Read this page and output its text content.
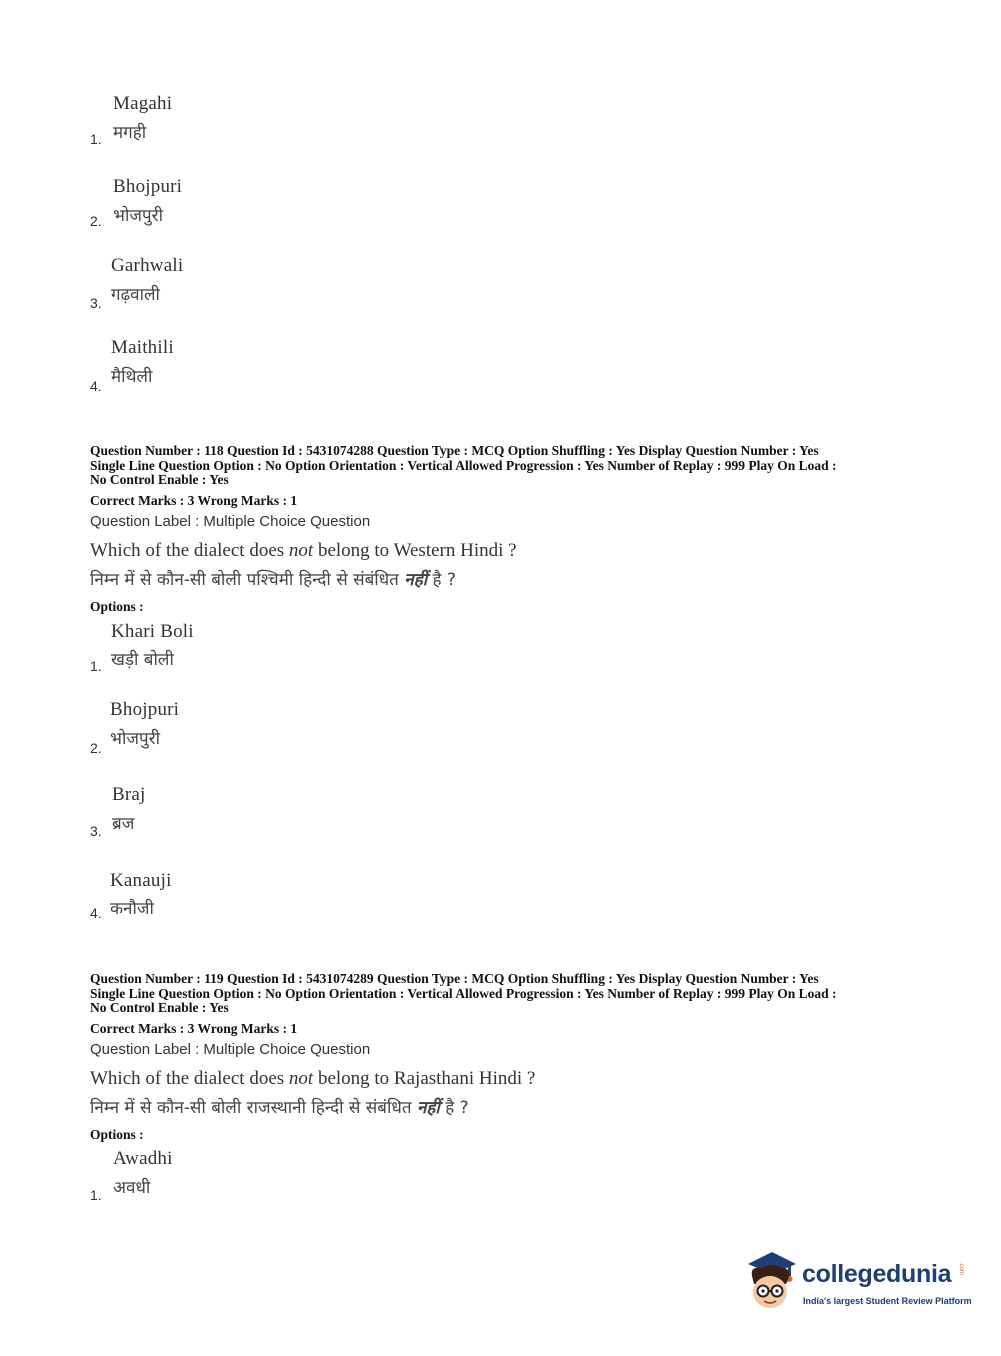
Magahi
मगही
1.
Bhojpuri
भोजपुरी
2.
Garhwali
गढ़वाली
3.
Maithili
मैथिली
4.
Question Number : 118 Question Id : 5431074288 Question Type : MCQ Option Shuffling : Yes Display Question Number : Yes
Single Line Question Option : No Option Orientation : Vertical Allowed Progression : Yes Number of Replay : 999 Play On Load :
No Control Enable : Yes
Correct Marks : 3 Wrong Marks : 1
Question Label : Multiple Choice Question
Which of the dialect does not belong to Western Hindi ?
निम्न में से कौन-सी बोली पश्चिमी हिन्दी से संबंधित नहीं है ?
Options :
Khari Boli
खड़ी बोली
1.
Bhojpuri
भोजपुरी
2.
Braj
ब्रज
3.
Kanauji
कनौजी
4.
Question Number : 119 Question Id : 5431074289 Question Type : MCQ Option Shuffling : Yes Display Question Number : Yes
Single Line Question Option : No Option Orientation : Vertical Allowed Progression : Yes Number of Replay : 999 Play On Load :
No Control Enable : Yes
Correct Marks : 3 Wrong Marks : 1
Question Label : Multiple Choice Question
Which of the dialect does not belong to Rajasthani Hindi ?
निम्न में से कौन-सी बोली राजस्थानी हिन्दी से संबंधित नहीं है ?
Options :
Awadhi
अवधी
1.
collegedunia .com
India's largest Student Review Platform
